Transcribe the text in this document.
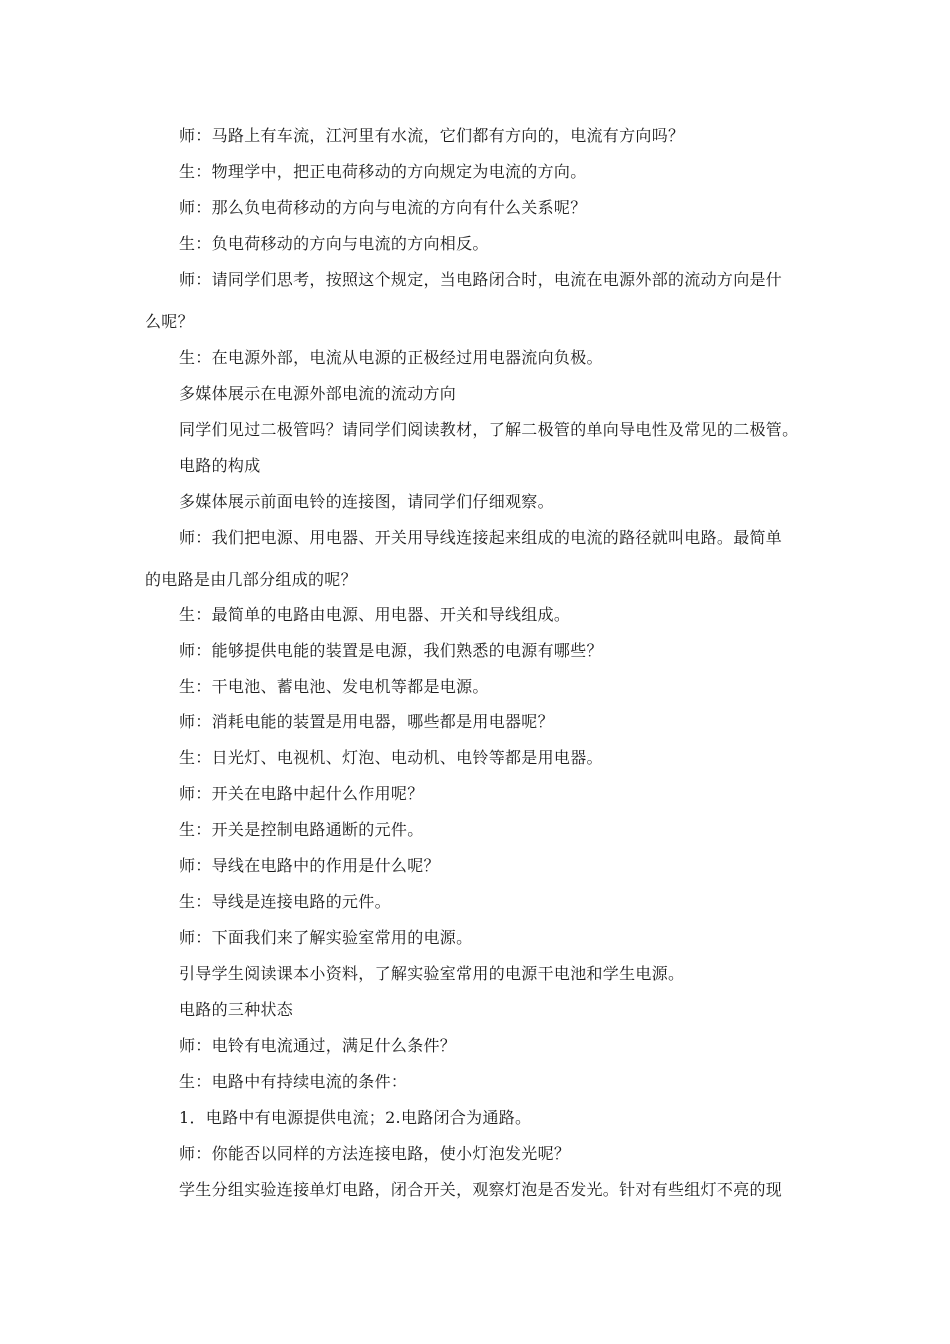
师：马路上有车流，江河里有水流，它们都有方向的，电流有方向吗？
生：物理学中，把正电荷移动的方向规定为电流的方向。
师：那么负电荷移动的方向与电流的方向有什么关系呢？
生：负电荷移动的方向与电流的方向相反。
师：请同学们思考，按照这个规定，当电路闭合时，电流在电源外部的流动方向是什
么呢？
生：在电源外部，电流从电源的正极经过用电器流向负极。
多媒体展示在电源外部电流的流动方向
同学们见过二极管吗？请同学们阅读教材，了解二极管的单向导电性及常见的二极管。
电路的构成
多媒体展示前面电铃的连接图，请同学们仔细观察。
师：我们把电源、用电器、开关用导线连接起来组成的电流的路径就叫电路。最简单
的电路是由几部分组成的呢？
生：最简单的电路由电源、用电器、开关和导线组成。
师：能够提供电能的装置是电源，我们熟悉的电源有哪些？
生：干电池、蓄电池、发电机等都是电源。
师：消耗电能的装置是用电器，哪些都是用电器呢？
生：日光灯、电视机、灯泡、电动机、电铃等都是用电器。
师：开关在电路中起什么作用呢？
生：开关是控制电路通断的元件。
师：导线在电路中的作用是什么呢？
生：导线是连接电路的元件。
师：下面我们来了解实验室常用的电源。
引导学生阅读课本小资料，了解实验室常用的电源干电池和学生电源。
电路的三种状态
师：电铃有电流通过，满足什么条件？
生：电路中有持续电流的条件：
1．电路中有电源提供电流；2.电路闭合为通路。
师：你能否以同样的方法连接电路，使小灯泡发光呢？
学生分组实验连接单灯电路，闭合开关，观察灯泡是否发光。针对有些组灯不亮的现
